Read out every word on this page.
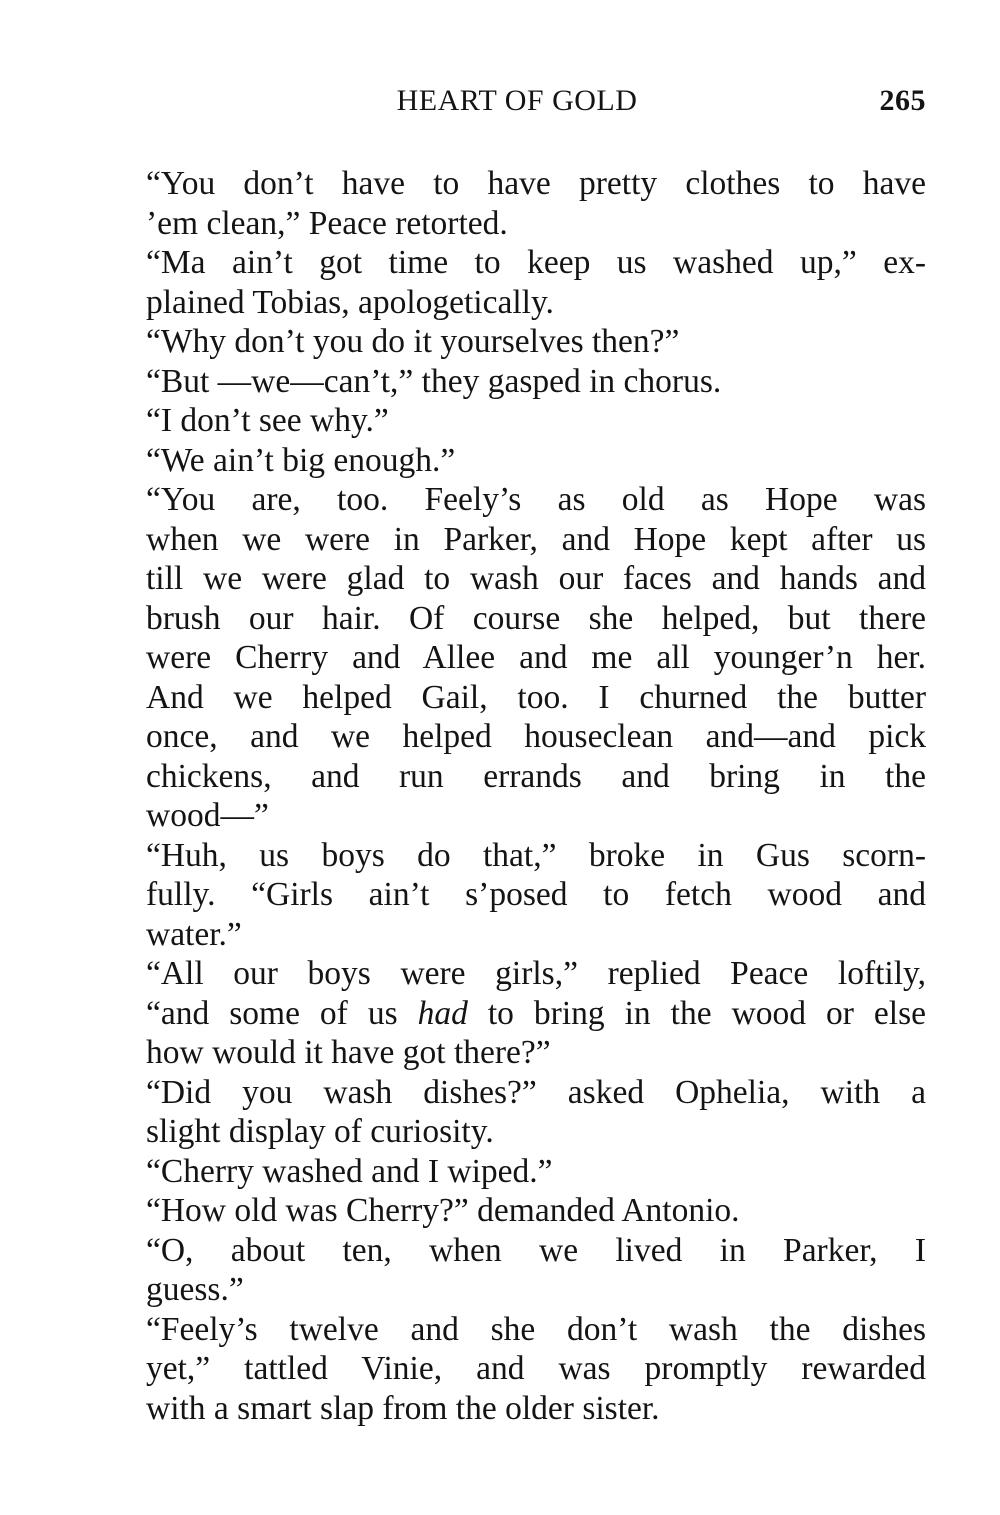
HEART OF GOLD	265

“You don’t have to have pretty clothes to have
’em clean,” Peace retorted.

“Ma ain’t got time to keep us washed up,” ex-
plained Tobias, apologetically.

“Why don’t you do it yourselves then?”

“But —we—can’t,” they gasped in chorus.

“I don’t see why.”

“We ain’t big enough.”

“You are, too. Feely’s as old as Hope was
when we were in Parker, and Hope kept after us
till we were glad to wash our faces and hands and
brush our hair. Of course she helped, but there
were Cherry and Allee and me all younger’n her.
And we helped Gail, too. I churned the butter
once, and we helped houseclean and—and pick
chickens, and run errands and bring in the
wood—”

“Huh, us boys do that,” broke in Gus scorn-
fully. “Girls ain’t s’posed to fetch wood and
water.”

“All our boys were girls,” replied Peace loftily,
“and some of us had to bring in the wood or else
how would it have got there?”

“Did you wash dishes?” asked Ophelia, with a
slight display of curiosity.

“Cherry washed and I wiped.”

“How old was Cherry?” demanded Antonio.

“O, about ten, when we lived in Parker, I
guess.”

“Feely’s twelve and she don’t wash the dishes
yet,” tattled Vinie, and was promptly rewarded
with a smart slap from the older sister.
